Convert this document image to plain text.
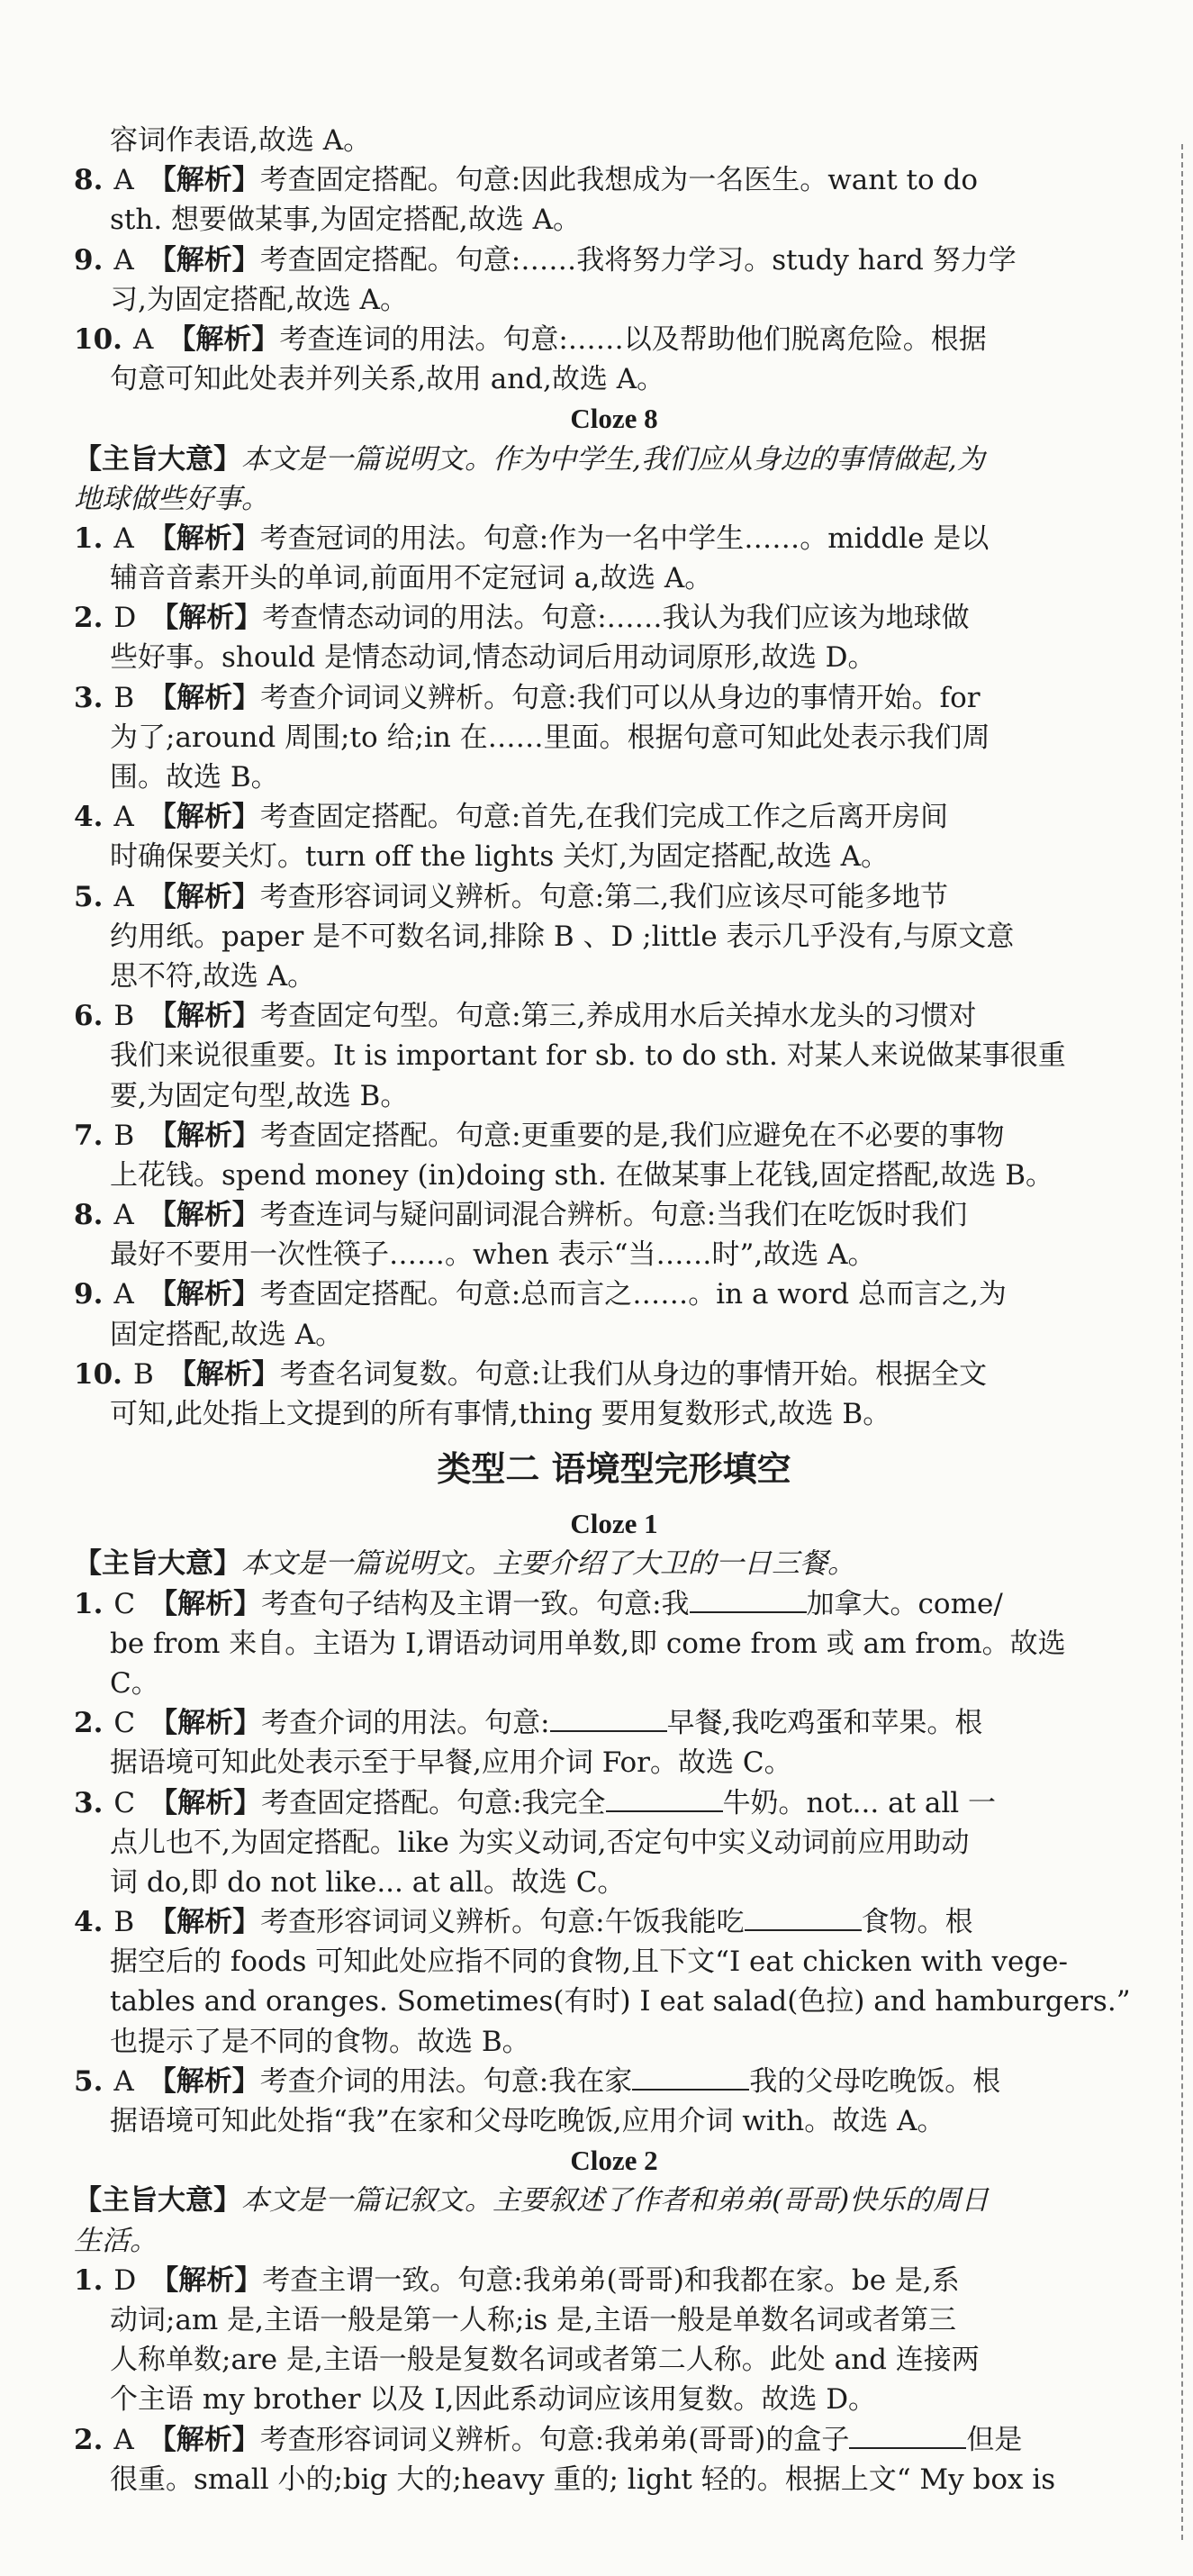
容词作表语,故选 A。
8. A 【解析】考查固定搭配。句意:因此我想成为一名医生。want to do
sth. 想要做某事,为固定搭配,故选 A。
9. A 【解析】考查固定搭配。句意:……我将努力学习。study hard 努力学
习,为固定搭配,故选 A。
10. A 【解析】考查连词的用法。句意:……以及帮助他们脱离危险。根据
句意可知此处表并列关系,故用 and,故选 A。
Cloze 8
【主旨大意】本文是一篇说明文。作为中学生,我们应从身边的事情做起,为
地球做些好事。
1. A 【解析】考查冠词的用法。句意:作为一名中学生……。middle 是以
辅音音素开头的单词,前面用不定冠词 a,故选 A。
2. D 【解析】考查情态动词的用法。句意:……我认为我们应该为地球做
些好事。should 是情态动词,情态动词后用动词原形,故选 D。
3. B 【解析】考查介词词义辨析。句意:我们可以从身边的事情开始。for
为了;around 周围;to 给;in 在……里面。根据句意可知此处表示我们周
围。故选 B。
4. A 【解析】考查固定搭配。句意:首先,在我们完成工作之后离开房间
时确保要关灯。turn off the lights 关灯,为固定搭配,故选 A。
5. A 【解析】考查形容词词义辨析。句意:第二,我们应该尽可能多地节
约用纸。paper 是不可数名词,排除 B 、D ;little 表示几乎没有,与原文意
思不符,故选 A。
6. B 【解析】考查固定句型。句意:第三,养成用水后关掉水龙头的习惯对
我们来说很重要。It is important for sb. to do sth. 对某人来说做某事很重
要,为固定句型,故选 B。
7. B 【解析】考查固定搭配。句意:更重要的是,我们应避免在不必要的事物
上花钱。spend money (in)doing sth. 在做某事上花钱,固定搭配,故选 B。
8. A 【解析】考查连词与疑问副词混合辨析。句意:当我们在吃饭时我们
最好不要用一次性筷子……。when 表示“当……时”,故选 A。
9. A 【解析】考查固定搭配。句意:总而言之……。in a word 总而言之,为
固定搭配,故选 A。
10. B 【解析】考查名词复数。句意:让我们从身边的事情开始。根据全文
可知,此处指上文提到的所有事情,thing 要用复数形式,故选 B。
类型二 语境型完形填空
Cloze 1
【主旨大意】本文是一篇说明文。主要介绍了大卫的一日三餐。
1. C 【解析】考查句子结构及主谓一致。句意:我	加拿大。come/
be from 来自。主语为 I,谓语动词用单数,即 come from 或 am from。故选
C。
2. C 【解析】考查介词的用法。句意:	早餐,我吃鸡蛋和苹果。根
据语境可知此处表示至于早餐,应用介词 For。故选 C。
3. C 【解析】考查固定搭配。句意:我完全	牛奶。not... at all 一
点儿也不,为固定搭配。like 为实义动词,否定句中实义动词前应用助动
词 do,即 do not like... at all。故选 C。
4. B 【解析】考查形容词词义辨析。句意:午饭我能吃	食物。根
据空后的 foods 可知此处应指不同的食物,且下文“I eat chicken with vege-
tables and oranges. Sometimes(有时) I eat salad(色拉) and hamburgers.”
也提示了是不同的食物。故选 B。
5. A 【解析】考查介词的用法。句意:我在家	我的父母吃晚饭。根
据语境可知此处指“我”在家和父母吃晚饭,应用介词 with。故选 A。
Cloze 2
【主旨大意】本文是一篇记叙文。主要叙述了作者和弟弟(哥哥)快乐的周日
生活。
1. D 【解析】考查主谓一致。句意:我弟弟(哥哥)和我都在家。be 是,系
动词;am 是,主语一般是第一人称;is 是,主语一般是单数名词或者第三
人称单数;are 是,主语一般是复数名词或者第二人称。此处 and 连接两
个主语 my brother 以及 I,因此系动词应该用复数。故选 D。
2. A 【解析】考查形容词词义辨析。句意:我弟弟(哥哥)的盒子	但是
很重。small 小的;big 大的;heavy 重的; light 轻的。根据上文“ My box is
